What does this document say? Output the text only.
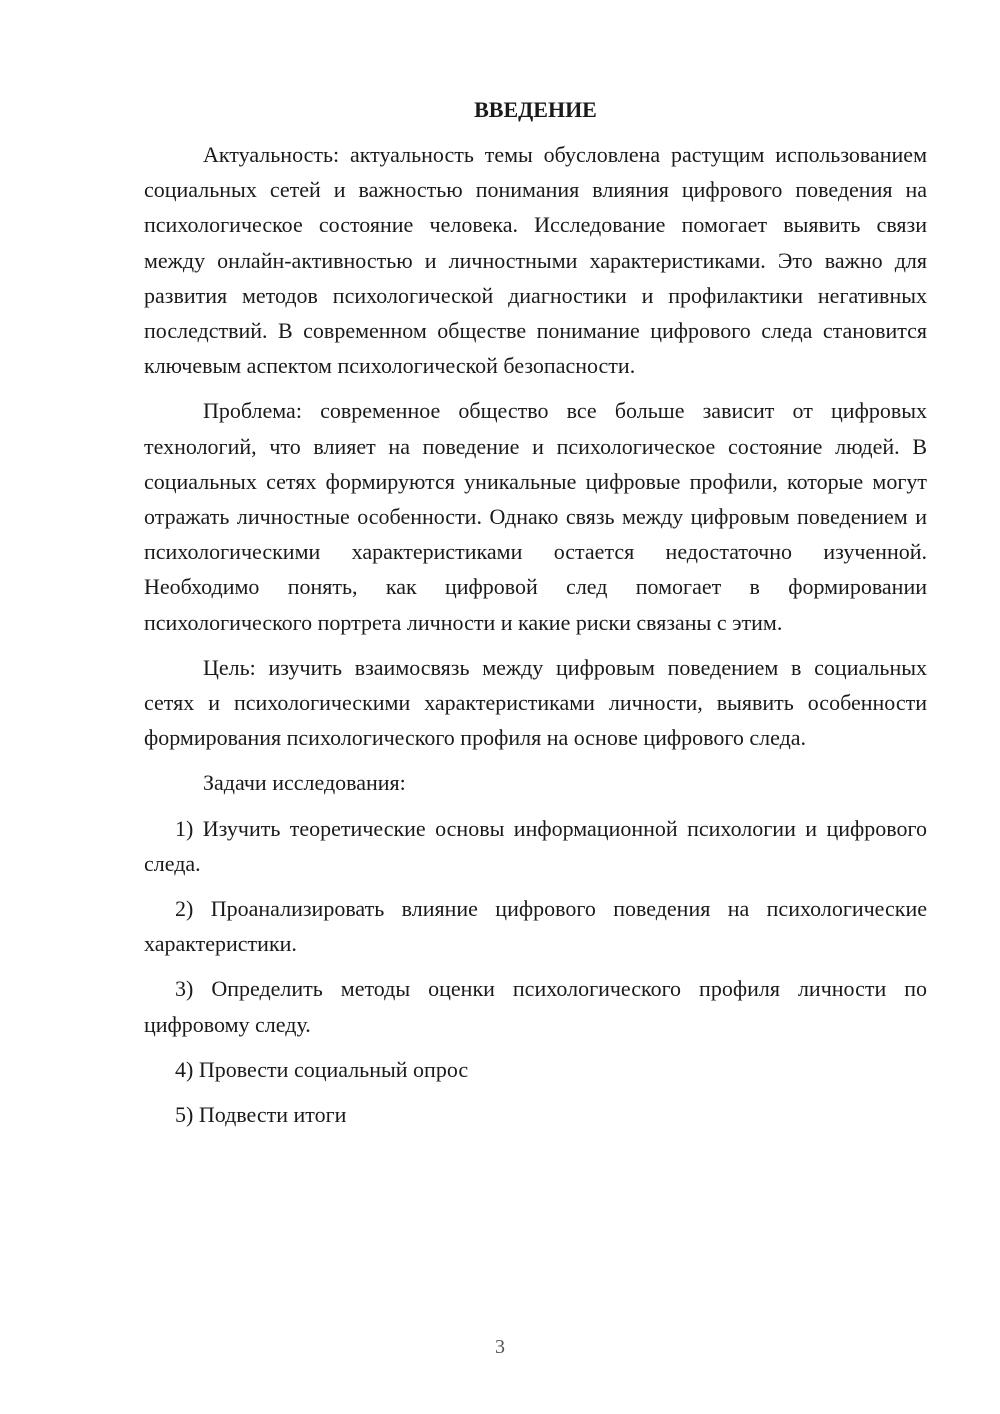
ВВЕДЕНИЕ

Актуальность: актуальность темы обусловлена растущим использованием социальных сетей и важностью понимания влияния цифрового поведения на психологическое состояние человека. Исследование помогает выявить связи между онлайн-активностью и личностными характеристиками. Это важно для развития методов психологической диагностики и профилактики негативных последствий. В современном обществе понимание цифрового следа становится ключевым аспектом психологической безопасности.

Проблема: современное общество все больше зависит от цифровых технологий, что влияет на поведение и психологическое состояние людей. В социальных сетях формируются уникальные цифровые профили, которые могут отражать личностные особенности. Однако связь между цифровым поведением и психологическими характеристиками остается недостаточно изученной. Необходимо понять, как цифровой след помогает в формировании психологического портрета личности и какие риски связаны с этим.

Цель: изучить взаимосвязь между цифровым поведением в социальных сетях и психологическими характеристиками личности, выявить особенности формирования психологического профиля на основе цифрового следа.

Задачи исследования:

1) Изучить теоретические основы информационной психологии и цифрового следа.

2) Проанализировать влияние цифрового поведения на психологические характеристики.

3) Определить методы оценки психологического профиля личности по цифровому следу.

4) Провести социальный опрос

5) Подвести итоги

3
